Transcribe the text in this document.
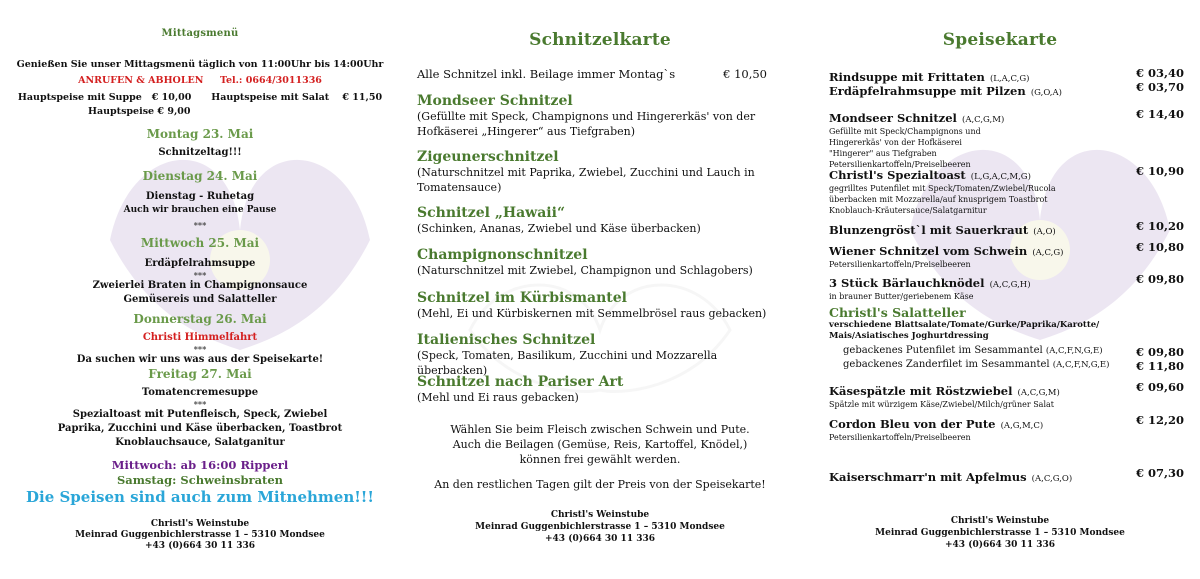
Mittagsmenü
Genießen Sie unser Mittagsmenü täglich von 11:00Uhr bis 14:00Uhr
ANRUFEN & ABHOLEN Tel.: 0664/3011336
Hauptspeise mit Suppe   € 10,00      Hauptspeise mit Salat    € 11,50
Hauptspeise € 9,00
Montag 23. Mai
Schnitzeltag!!!
Dienstag 24. Mai
Dienstag - Ruhetag
Auch wir brauchen eine Pause
***
Mittwoch 25. Mai
Erdäpfelrahmsuppe
***
Zweierlei Braten in Champignonsauce
Gemüsereis und Salatteller
Donnerstag 26. Mai
Christi Himmelfahrt
***
Da suchen wir uns was aus der Speisekarte!
Freitag 27. Mai
Tomatencremesuppe
***
Spezialtoast mit Putenfleisch, Speck, Zwiebel
Paprika, Zucchini und Käse überbacken, Toastbrot
Knoblauchsauce, Salatganitur
Mittwoch: ab 16:00 Ripperl
Samstag: Schweinsbraten
Die Speisen sind auch zum Mitnehmen!!!
Christl's Weinstube
Meinrad Guggenbichlerstrasse 1 – 5310 Mondsee
+43 (0)664 30 11 336
Schnitzelkarte
Alle Schnitzel inkl. Beilage immer Montag`s	€ 10,50
Mondseer Schnitzel
(Gefüllte mit Speck, Champignons und Hingererkäs' von der Hofkäserei „Hingerer“ aus Tiefgraben)
Zigeunerschnitzel
(Naturschnitzel mit Paprika, Zwiebel, Zucchini und Lauch in Tomatensauce)
Schnitzel „Hawaii“
(Schinken, Ananas, Zwiebel und Käse überbacken)
Champignonschnitzel
(Naturschnitzel mit Zwiebel, Champignon und Schlagobers)
Schnitzel im Kürbismantel
(Mehl, Ei und Kürbiskernen mit Semmelbrösel raus gebacken)
Italienisches Schnitzel
(Speck, Tomaten, Basilikum, Zucchini und Mozzarella überbacken)
Schnitzel nach Pariser Art
(Mehl und Ei raus gebacken)
Wählen Sie beim Fleisch zwischen Schwein und Pute.
Auch die Beilagen (Gemüse, Reis, Kartoffel, Knödel,)
können frei gewählt werden.
An den restlichen Tagen gilt der Preis von der Speisekarte!
Christl's Weinstube
Meinrad Guggenbichlerstrasse 1 – 5310 Mondsee
+43 (0)664 30 11 336
Speisekarte
Rindsuppe mit Frittaten (L,A,C,G)	€ 03,40
Erdäpfelrahmsuppe mit Pilzen (G,O,A)	€ 03,70
Mondseer Schnitzel (A,C,G,M)	€ 14,40
Gefüllte mit Speck/Champignons und Hingererkäs' von der Hofkäserei "Hingerer" aus Tiefgraben Petersilienkartoffeln/Preiselbeeren
Christl's Spezialtoast (L,G,A,C,M,G)	€ 10,90
gegrilltes Putenfilet mit Speck/Tomaten/Zwiebel/Rucola überbacken mit Mozzarella/auf knusprigem Toastbrot Knoblauch-Kräutersauce/Salatgarnitur
Blunzengröst`l mit Sauerkraut (A,O)	€ 10,20
Wiener Schnitzel vom Schwein (A,C,G)	€ 10,80
Petersilienkartoffeln/Preiselbeeren
3 Stück Bärlauchknödel (A,C,G,H)	€ 09,80
in brauner Butter/geriebenem Käse
Christl's Salatteller
verschiedene Blattsalate/Tomate/Gurke/Paprika/Karotte/
Mais/Asiatisches Joghurtdressing
gebackenes Putenfilet im Sesammantel (A,C,F,N,G,E)	€ 09,80
gebackenes Zanderfilet im Sesammantel (A,C,F,N,G,E) € 11,80
Käsespätzle mit Röstzwiebel (A,C,G,M)	€ 09,60
Spätzle mit würzigem Käse/Zwiebel/Milch/grüner Salat
Cordon Bleu von der Pute (A,G,M,C)	€ 12,20
Petersilienkartoffeln/Preiselbeeren
Kaiserschmarr'n mit Apfelmus (A,C,G,O)	€ 07,30
Christl's Weinstube
Meinrad Guggenbichlerstrasse 1 – 5310 Mondsee
+43 (0)664 30 11 336
